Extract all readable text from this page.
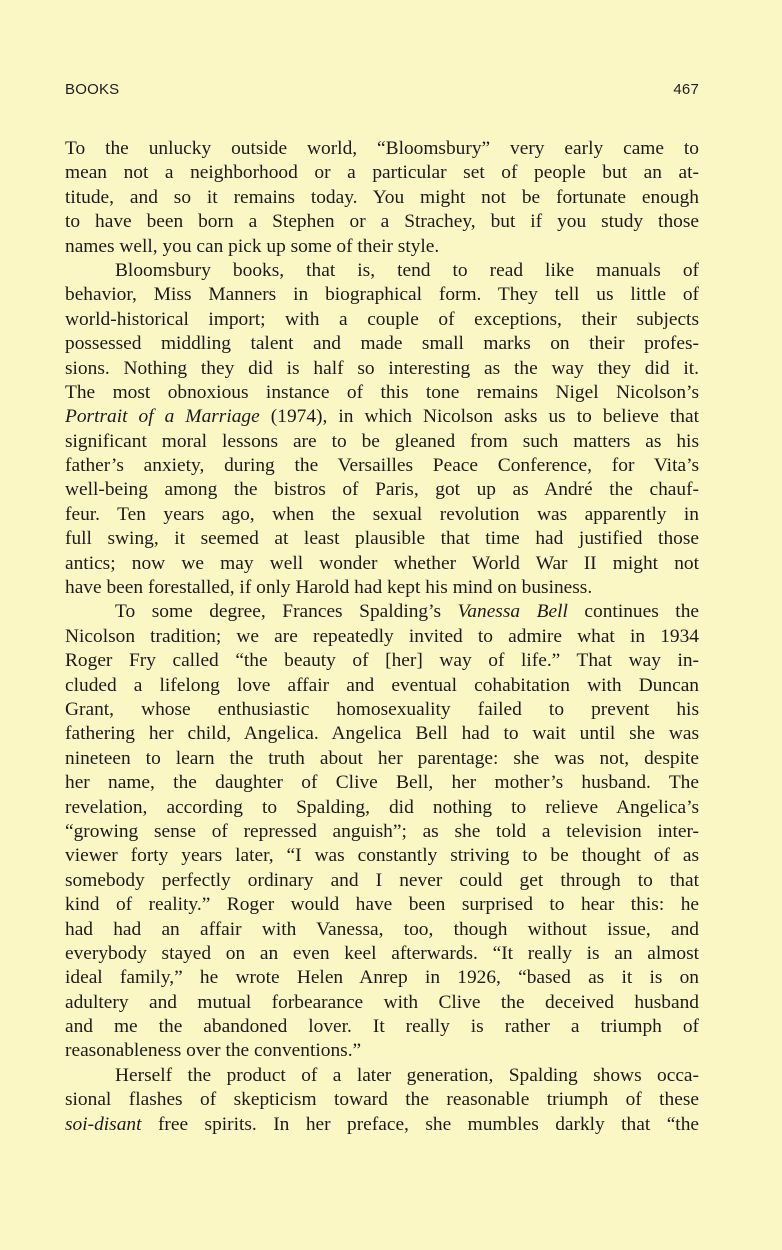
BOOKS	467
To the unlucky outside world, “Bloomsbury” very early came to
mean not a neighborhood or a particular set of people but an at-
titude, and so it remains today. You might not be fortunate enough
to have been born a Stephen or a Strachey, but if you study those
names well, you can pick up some of their style.
Bloomsbury books, that is, tend to read like manuals of
behavior, Miss Manners in biographical form. They tell us little of
world-historical import; with a couple of exceptions, their subjects
possessed middling talent and made small marks on their profes-
sions. Nothing they did is half so interesting as the way they did it.
The most obnoxious instance of this tone remains Nigel Nicolson’s
Portrait of a Marriage (1974), in which Nicolson asks us to believe that
significant moral lessons are to be gleaned from such matters as his
father’s anxiety, during the Versailles Peace Conference, for Vita’s
well-being among the bistros of Paris, got up as André the chauf-
feur. Ten years ago, when the sexual revolution was apparently in
full swing, it seemed at least plausible that time had justified those
antics; now we may well wonder whether World War II might not
have been forestalled, if only Harold had kept his mind on business.
To some degree, Frances Spalding’s Vanessa Bell continues the
Nicolson tradition; we are repeatedly invited to admire what in 1934
Roger Fry called “the beauty of [her] way of life.” That way in-
cluded a lifelong love affair and eventual cohabitation with Duncan
Grant, whose enthusiastic homosexuality failed to prevent his
fathering her child, Angelica. Angelica Bell had to wait until she was
nineteen to learn the truth about her parentage: she was not, despite
her name, the daughter of Clive Bell, her mother’s husband. The
revelation, according to Spalding, did nothing to relieve Angelica’s
“growing sense of repressed anguish”; as she told a television inter-
viewer forty years later, “I was constantly striving to be thought of as
somebody perfectly ordinary and I never could get through to that
kind of reality.” Roger would have been surprised to hear this: he
had had an affair with Vanessa, too, though without issue, and
everybody stayed on an even keel afterwards. “It really is an almost
ideal family,” he wrote Helen Anrep in 1926, “based as it is on
adultery and mutual forbearance with Clive the deceived husband
and me the abandoned lover. It really is rather a triumph of
reasonableness over the conventions.”
Herself the product of a later generation, Spalding shows occa-
sional flashes of skepticism toward the reasonable triumph of these
soi-disant free spirits. In her preface, she mumbles darkly that “the
